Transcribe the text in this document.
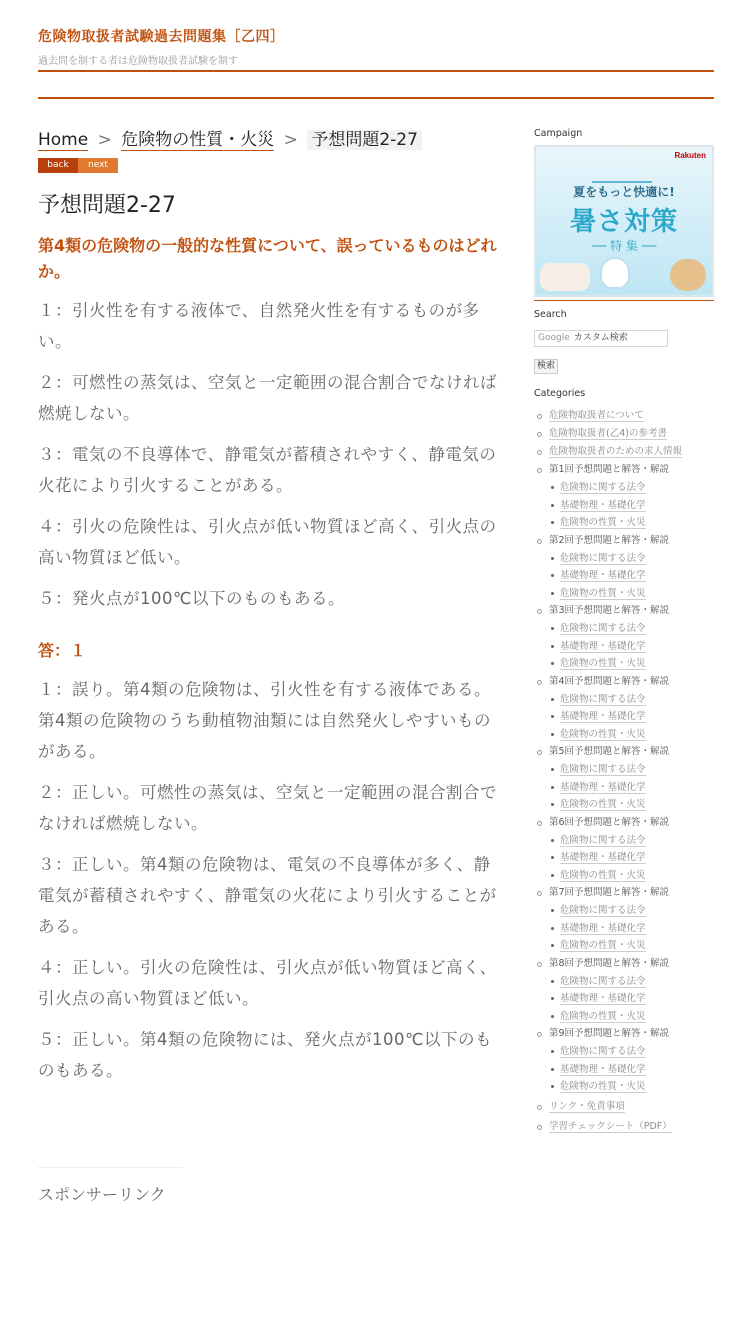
危険物取扱者試験過去問題集［乙四］
過去問を制する者は危険物取扱者試験を制す
Home > 危険物の性質・火災 > 予想問題2-27
back	next
予想問題2-27

第4類の危険物の一般的な性質について、誤っているものはどれか。

１：引火性を有する液体で、自然発火性を有するものが多い。

２：可燃性の蒸気は、空気と一定範囲の混合割合でなければ燃焼しない。

３：電気の不良導体で、静電気が蓄積されやすく、静電気の火花により引火することがある。

４：引火の危険性は、引火点が低い物質ほど高く、引火点の高い物質ほど低い。

５：発火点が100℃以下のものもある。

答：１

１：誤り。第4類の危険物は、引火性を有する液体である。第4類の危険物のうち動植物油類には自然発火しやすいものがある。

２：正しい。可燃性の蒸気は、空気と一定範囲の混合割合でなければ燃焼しない。

３：正しい。第4類の危険物は、電気の不良導体が多く、静電気が蓄積されやすく、静電気の火花により引火することがある。

４：正しい。引火の危険性は、引火点が低い物質ほど高く、引火点の高い物質ほど低い。

５：正しい。第4類の危険物には、発火点が100℃以下のものもある。

スポンサーリンク
Campaign
Rakuten
夏をもっと快適に!
暑さ対策
── 特 集 ──
Search
Google カスタム検索
検索
Categories
危険物取扱者について
危険物取扱者(乙4)の参考書
危険物取扱者のための求人情報
第1回予想問題と解答・解説
危険物に関する法令
基礎物理・基礎化学
危険物の性質・火災
第2回予想問題と解答・解説
危険物に関する法令
基礎物理・基礎化学
危険物の性質・火災
第3回予想問題と解答・解説
危険物に関する法令
基礎物理・基礎化学
危険物の性質・火災
第4回予想問題と解答・解説
危険物に関する法令
基礎物理・基礎化学
危険物の性質・火災
第5回予想問題と解答・解説
危険物に関する法令
基礎物理・基礎化学
危険物の性質・火災
第6回予想問題と解答・解説
危険物に関する法令
基礎物理・基礎化学
危険物の性質・火災
第7回予想問題と解答・解説
危険物に関する法令
基礎物理・基礎化学
危険物の性質・火災
第8回予想問題と解答・解説
危険物に関する法令
基礎物理・基礎化学
危険物の性質・火災
第9回予想問題と解答・解説
危険物に関する法令
基礎物理・基礎化学
危険物の性質・火災
リンク・免責事項
学習チェックシート（PDF）
